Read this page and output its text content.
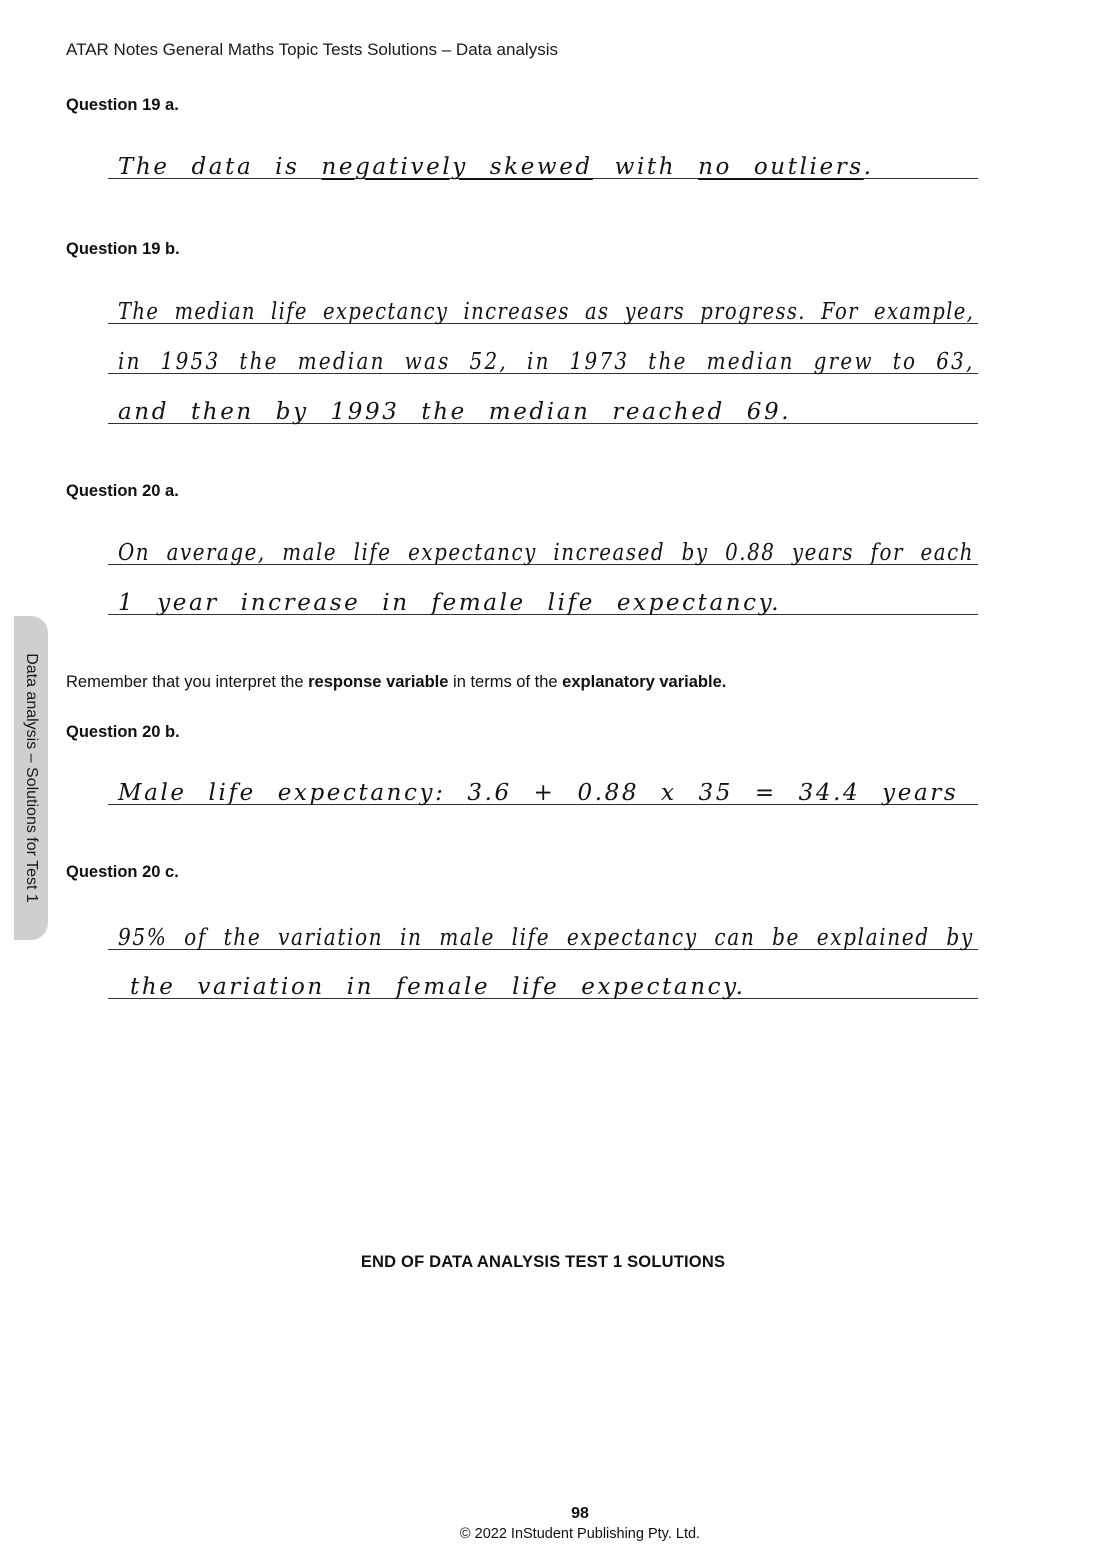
ATAR Notes General Maths Topic Tests Solutions – Data analysis
Data analysis – Solutions for Test 1
Question 19 a.
The data is negatively skewed with no outliers.
Question 19 b.
The median life expectancy increases as years progress. For example,
in 1953 the median was 52, in 1973 the median grew to 63,
and then by 1993 the median reached 69.
Question 20 a.
On average, male life expectancy increased by 0.88 years for each
1 year increase in female life expectancy.
Remember that you interpret the response variable in terms of the explanatory variable.
Question 20 b.
Male life expectancy: 3.6 + 0.88 x 35 = 34.4 years
Question 20 c.
95% of the variation in male life expectancy can be explained by
the variation in female life expectancy.
END OF DATA ANALYSIS TEST 1 SOLUTIONS
98
© 2022 InStudent Publishing Pty. Ltd.
